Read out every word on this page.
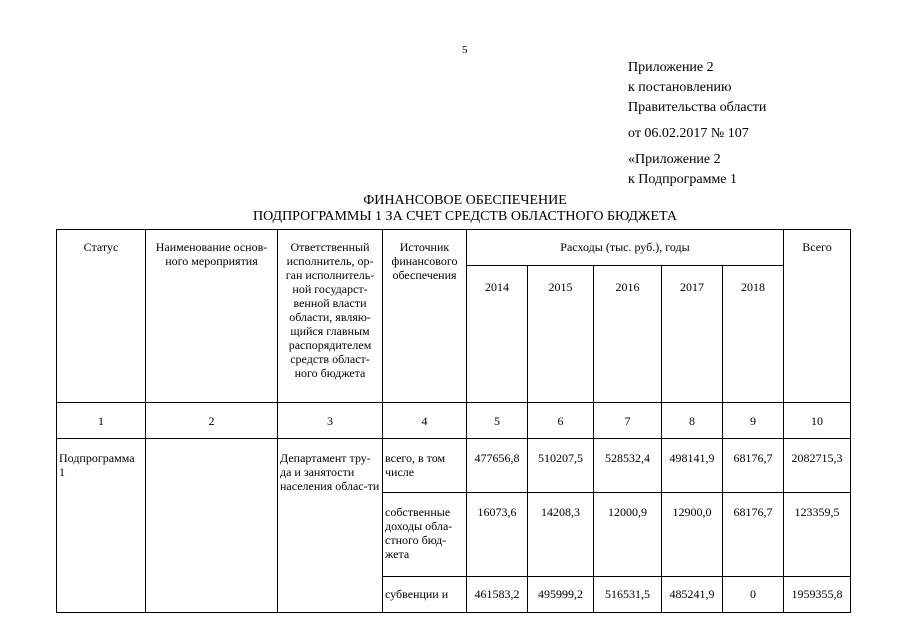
5
Приложение 2
к постановлению
Правительства области
от 06.02.2017 № 107
«Приложение 2
к Подпрограмме 1
ФИНАНСОВОЕ ОБЕСПЕЧЕНИЕ
ПОДПРОГРАММЫ 1 ЗА СЧЕТ СРЕДСТВ ОБЛАСТНОГО БЮДЖЕТА
Статус	Наименование основ-ного мероприятия	Ответственный исполнитель, ор-ган исполнитель-ной государст-венной власти области, являю-щийся главным распорядителем средств област-ного бюджета	Источник финансового обеспечения	Расходы (тыс. руб.), годы					Всего
				2014	2015	2016	2017	2018	
1	2	3	4	5	6	7	8	9	10
Подпрограмма 1		Департамент тру-да и занятости населения облас-ти	всего, в том числе	477656,8	510207,5	528532,4	498141,9	68176,7	2082715,3
			собственные доходы обла-стного бюд-жета	16073,6	14208,3	12000,9	12900,0	68176,7	123359,5
			субвенции и	461583,2	495999,2	516531,5	485241,9	0	1959355,8
